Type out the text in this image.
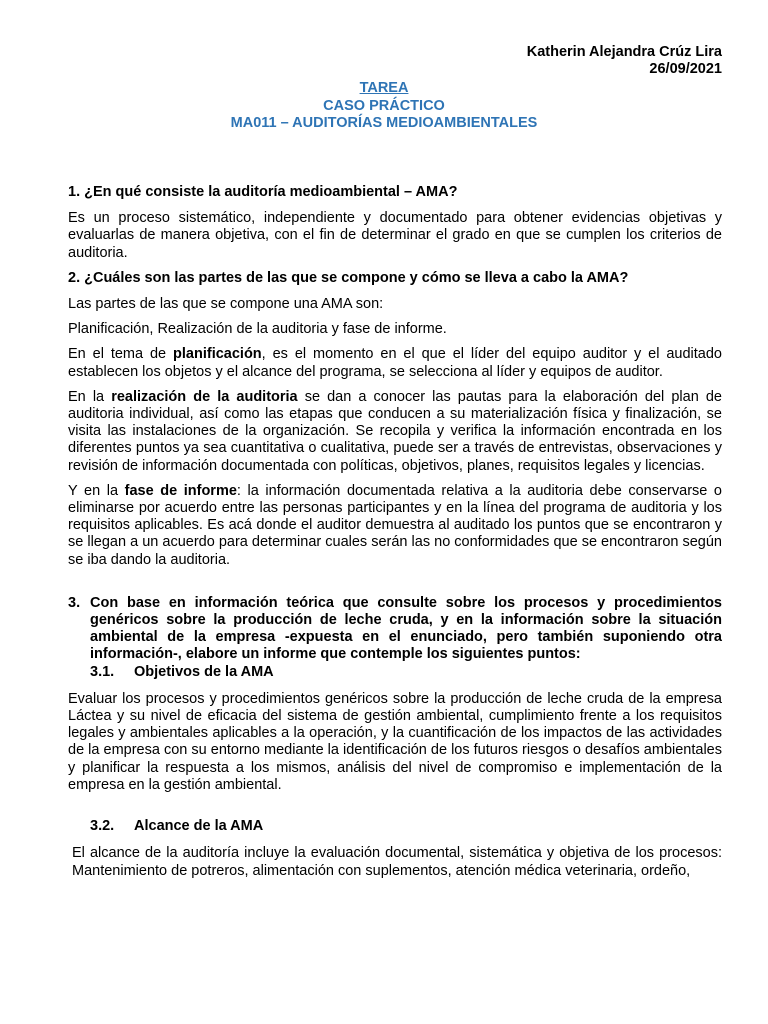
Katherin Alejandra Crúz Lira
26/09/2021
TAREA
CASO PRÁCTICO
MA011 – AUDITORÍAS MEDIOAMBIENTALES

1. ¿En qué consiste la auditoría medioambiental – AMA?

Es un proceso sistemático, independiente y documentado para obtener evidencias objetivas y evaluarlas de manera objetiva, con el fin de determinar el grado en que se cumplen los criterios de auditoria.

2. ¿Cuáles son las partes de las que se compone y cómo se lleva a cabo la AMA?

Las partes de las que se compone una AMA son:

Planificación, Realización de la auditoria y fase de informe.

En el tema de planificación, es el momento en el que el líder del equipo auditor y el auditado establecen los objetos y el alcance del programa, se selecciona al líder y equipos de auditor.

En la realización de la auditoria se dan a conocer las pautas para la elaboración del plan de auditoria individual, así como las etapas que conducen a su materialización física y finalización, se visita las instalaciones de la organización. Se recopila y verifica la información encontrada en los diferentes puntos ya sea cuantitativa o cualitativa, puede ser a través de entrevistas, observaciones y revisión de información documentada con políticas, objetivos, planes, requisitos legales y licencias.

Y en la fase de informe: la información documentada relativa a la auditoria debe conservarse o eliminarse por acuerdo entre las personas participantes y en la línea del programa de auditoria y los requisitos aplicables. Es acá donde el auditor demuestra al auditado los puntos que se encontraron y se llegan a un acuerdo para determinar cuales serán las no conformidades que se encontraron según se iba dando la auditoria.

3. Con base en información teórica que consulte sobre los procesos y procedimientos genéricos sobre la producción de leche cruda, y en la información sobre la situación ambiental de la empresa -expuesta en el enunciado, pero también suponiendo otra información-, elabore un informe que contemple los siguientes puntos:
3.1.	Objetivos de la AMA

Evaluar los procesos y procedimientos genéricos sobre la producción de leche cruda de la empresa Láctea y su nivel de eficacia del sistema de gestión ambiental, cumplimiento frente a los requisitos legales y ambientales aplicables a la operación, y la cuantificación de los impactos de las actividades de la empresa con su entorno mediante la identificación de los futuros riesgos o desafíos ambientales y planificar la respuesta a los mismos, análisis del nivel de compromiso e implementación de la empresa en la gestión ambiental.

3.2.	Alcance de la AMA

El alcance de la auditoría incluye la evaluación documental, sistemática y objetiva de los procesos: Mantenimiento de potreros, alimentación con suplementos, atención médica veterinaria, ordeño,
